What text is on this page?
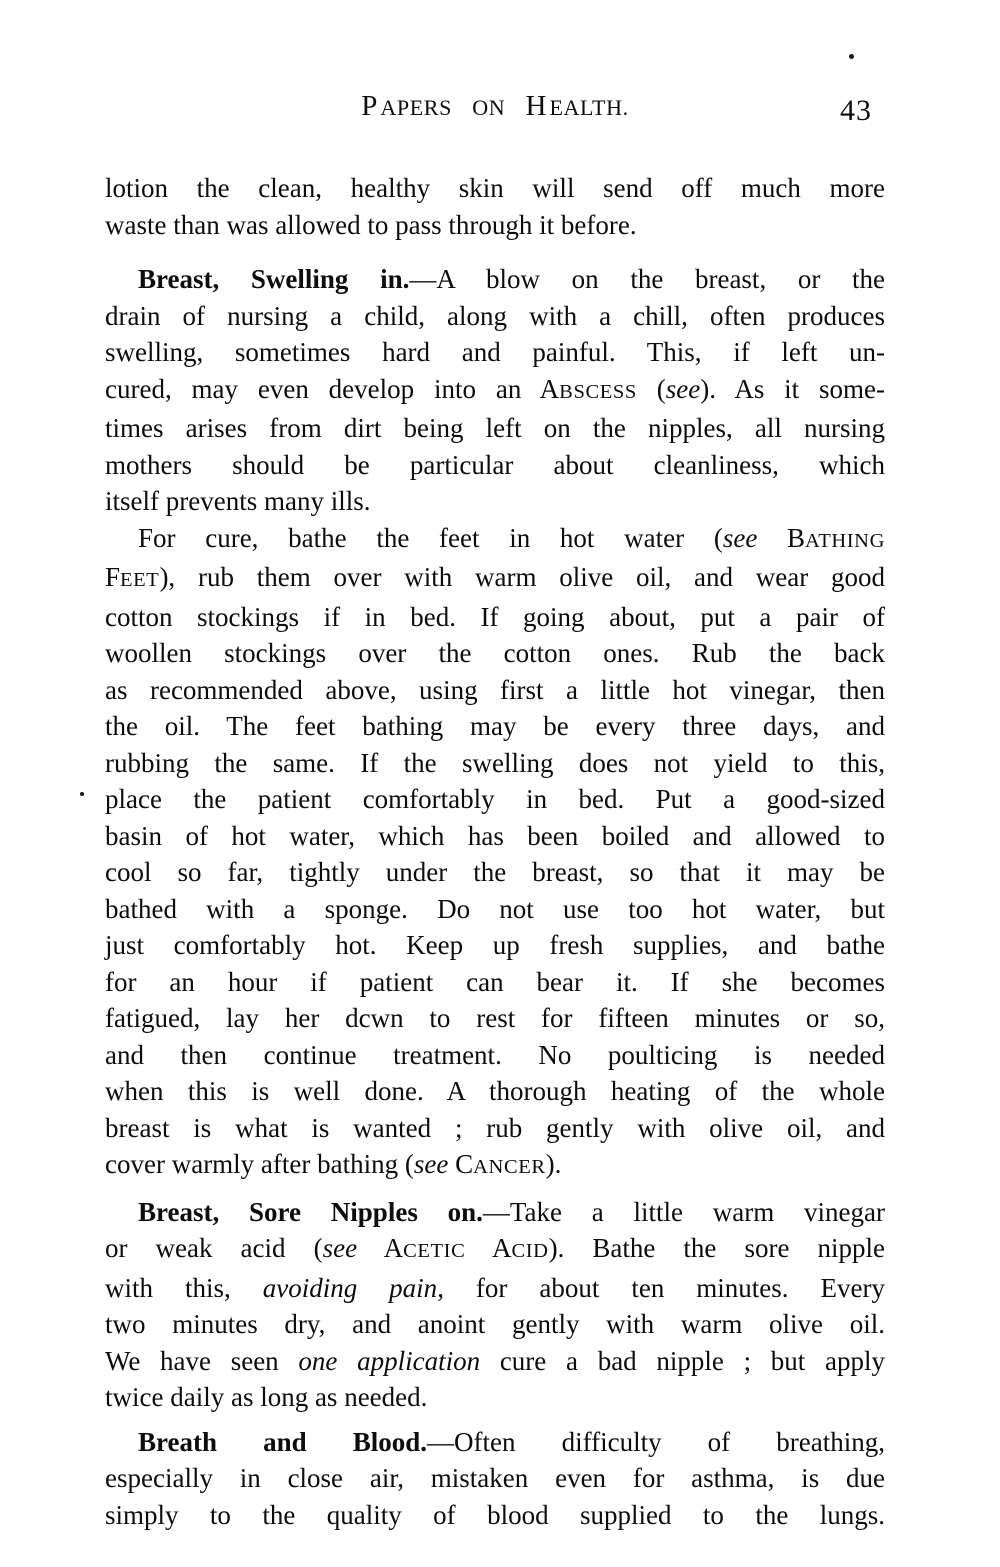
PAPERS ON HEALTH.	43
lotion the clean, healthy skin will send off much more
waste than was allowed to pass through it before.
Breast, Swelling in.—A blow on the breast, or the
drain of nursing a child, along with a chill, often produces
swelling, sometimes hard and painful. This, if left un-
cured, may even develop into an ABSCESS (see). As it some-
times arises from dirt being left on the nipples, all nursing
mothers should be particular about cleanliness, which
itself prevents many ills.
For cure, bathe the feet in hot water (see BATHING
FEET), rub them over with warm olive oil, and wear good
cotton stockings if in bed. If going about, put a pair of
woollen stockings over the cotton ones. Rub the back
as recommended above, using first a little hot vinegar, then
the oil. The feet bathing may be every three days, and
rubbing the same. If the swelling does not yield to this,
place the patient comfortably in bed. Put a good-sized
basin of hot water, which has been boiled and allowed to
cool so far, tightly under the breast, so that it may be
bathed with a sponge. Do not use too hot water, but
just comfortably hot. Keep up fresh supplies, and bathe
for an hour if patient can bear it. If she becomes
fatigued, lay her dcwn to rest for fifteen minutes or so,
and then continue treatment. No poulticing is needed
when this is well done. A thorough heating of the whole
breast is what is wanted ; rub gently with olive oil, and
cover warmly after bathing (see CANCER).
Breast, Sore Nipples on.—Take a little warm vinegar
or weak acid (see ACETIC ACID). Bathe the sore nipple
with this, avoiding pain, for about ten minutes. Every
two minutes dry, and anoint gently with warm olive oil.
We have seen one application cure a bad nipple ; but apply
twice daily as long as needed.
Breath and Blood.—Often difficulty of breathing,
especially in close air, mistaken even for asthma, is due
simply to the quality of blood supplied to the lungs.
